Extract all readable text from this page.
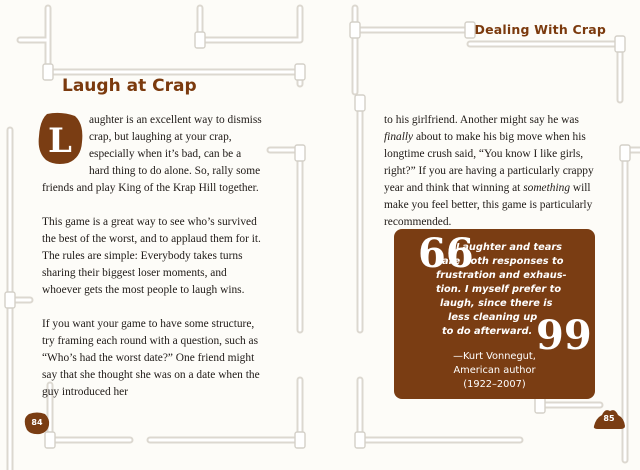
Dealing With Crap
Laugh at Crap

L
aughter is an excellent way to dismiss crap, but laughing at your crap, especially when it’s bad, can be a hard thing to do alone. So, rally some friends and play King of the Krap Hill together.

This game is a great way to see who’s survived the best of the worst, and to applaud them for it. The rules are simple: Everybody takes turns sharing their biggest loser moments, and whoever gets the most people to laugh wins.

If you want your game to have some structure, try framing each round with a question, such as “Who’s had the worst date?” One friend might say that she thought she was on a date when the guy introduced her

to his girlfriend. Another might say he was finally about to make his big move when his longtime crush said, “You know I like girls, right?” If you are having a particularly crappy year and think that winning at something will make you feel better, this game is particularly recommended.

66
Laughter and tears
are both responses to
frustration and exhaus-
tion. I myself prefer to
laugh, since there is
less cleaning up
to do afterward. 99
—Kurt Vonnegut,
American author
(1922–2007)
84	85
